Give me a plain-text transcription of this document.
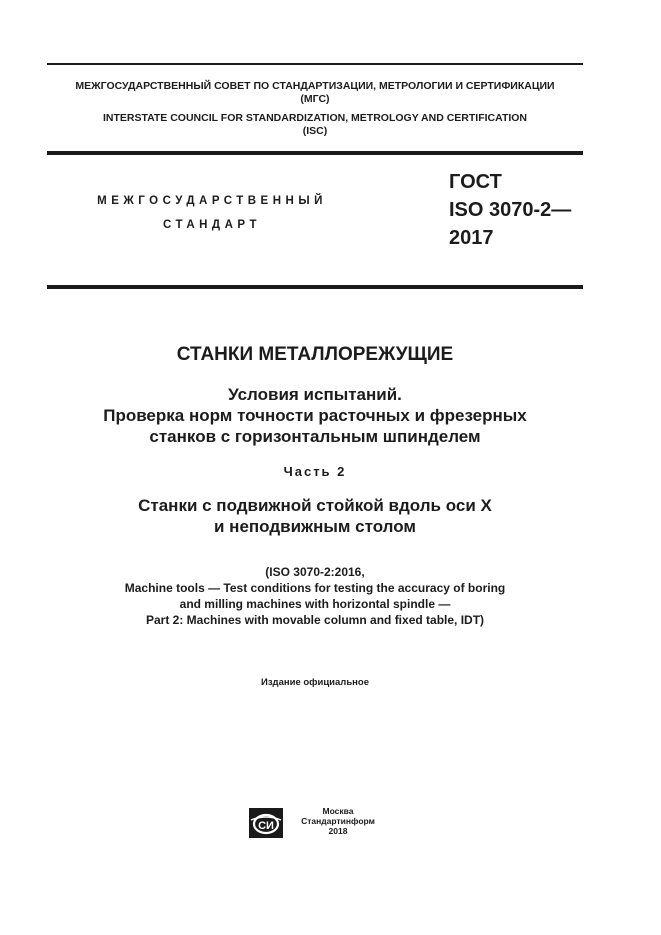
МЕЖГОСУДАРСТВЕННЫЙ СОВЕТ ПО СТАНДАРТИЗАЦИИ, МЕТРОЛОГИИ И СЕРТИФИКАЦИИ
(МГС)
INTERSTATE COUNCIL FOR STANDARDIZATION, METROLOGY AND CERTIFICATION
(ISC)
МЕЖГОСУДАРСТВЕННЫЙ
СТАНДАРТ
ГОСТ
ISO 3070-2—
2017
СТАНКИ МЕТАЛЛОРЕЖУЩИЕ
Условия испытаний.
Проверка норм точности расточных и фрезерных
станков с горизонтальным шпинделем
Часть 2
Станки с подвижной стойкой вдоль оси X
и неподвижным столом
(ISO 3070-2:2016,
Machine tools — Test conditions for testing the accuracy of boring
and milling machines with horizontal spindle —
Part 2: Machines with movable column and fixed table, IDT)
Издание официальное
СИ
Москва
Стандартинформ
2018
